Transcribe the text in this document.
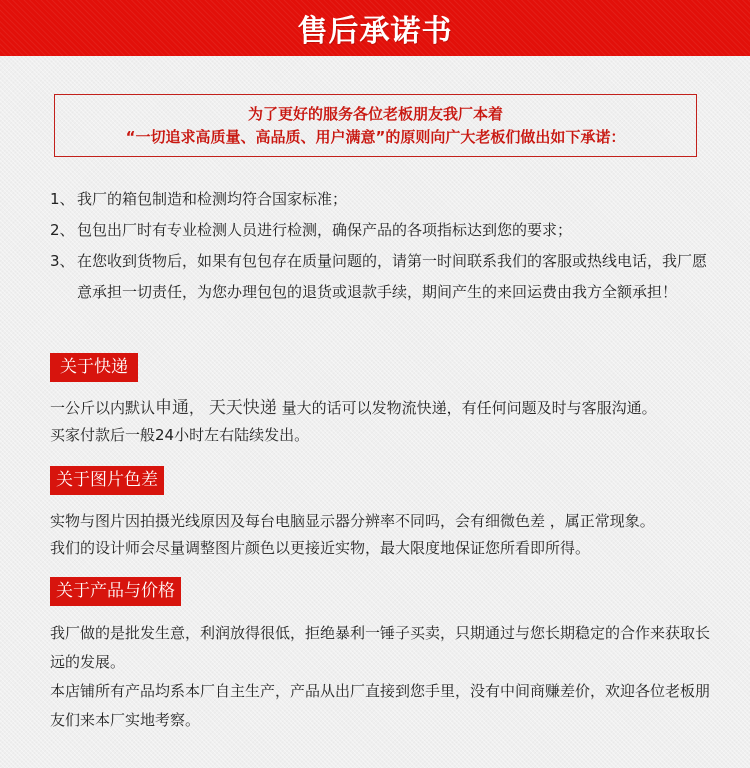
售后承诺书
为了更好的服务各位老板朋友我厂本着
“一切追求高质量、高品质、用户满意”的原则向广大老板们做出如下承诺：
1、 我厂的箱包制造和检测均符合国家标准；
2、 包包出厂时有专业检测人员进行检测，确保产品的各项指标达到您的要求；
3、 在您收到货物后，如果有包包存在质量问题的，请第一时间联系我们的客服或热线电话，我厂愿意承担一切责任，为您办理包包的退货或退款手续，期间产生的来回运费由我方全额承担！
关于快递

一公斤以内默认申通， 天天快递 量大的话可以发物流快递，有任何问题及时与客服沟通。

买家付款后一般24小时左右陆续发出。

关于图片色差

实物与图片因拍摄光线原因及每台电脑显示器分辨率不同吗，会有细微色差 ，属正常现象。

我们的设计师会尽量调整图片颜色以更接近实物，最大限度地保证您所看即所得。

关于产品与价格

我厂做的是批发生意，利润放得很低，拒绝暴利一锤子买卖，只期通过与您长期稳定的合作来获取长远的发展。

本店铺所有产品均系本厂自主生产，产品从出厂直接到您手里，没有中间商赚差价，欢迎各位老板朋友们来本厂实地考察。
